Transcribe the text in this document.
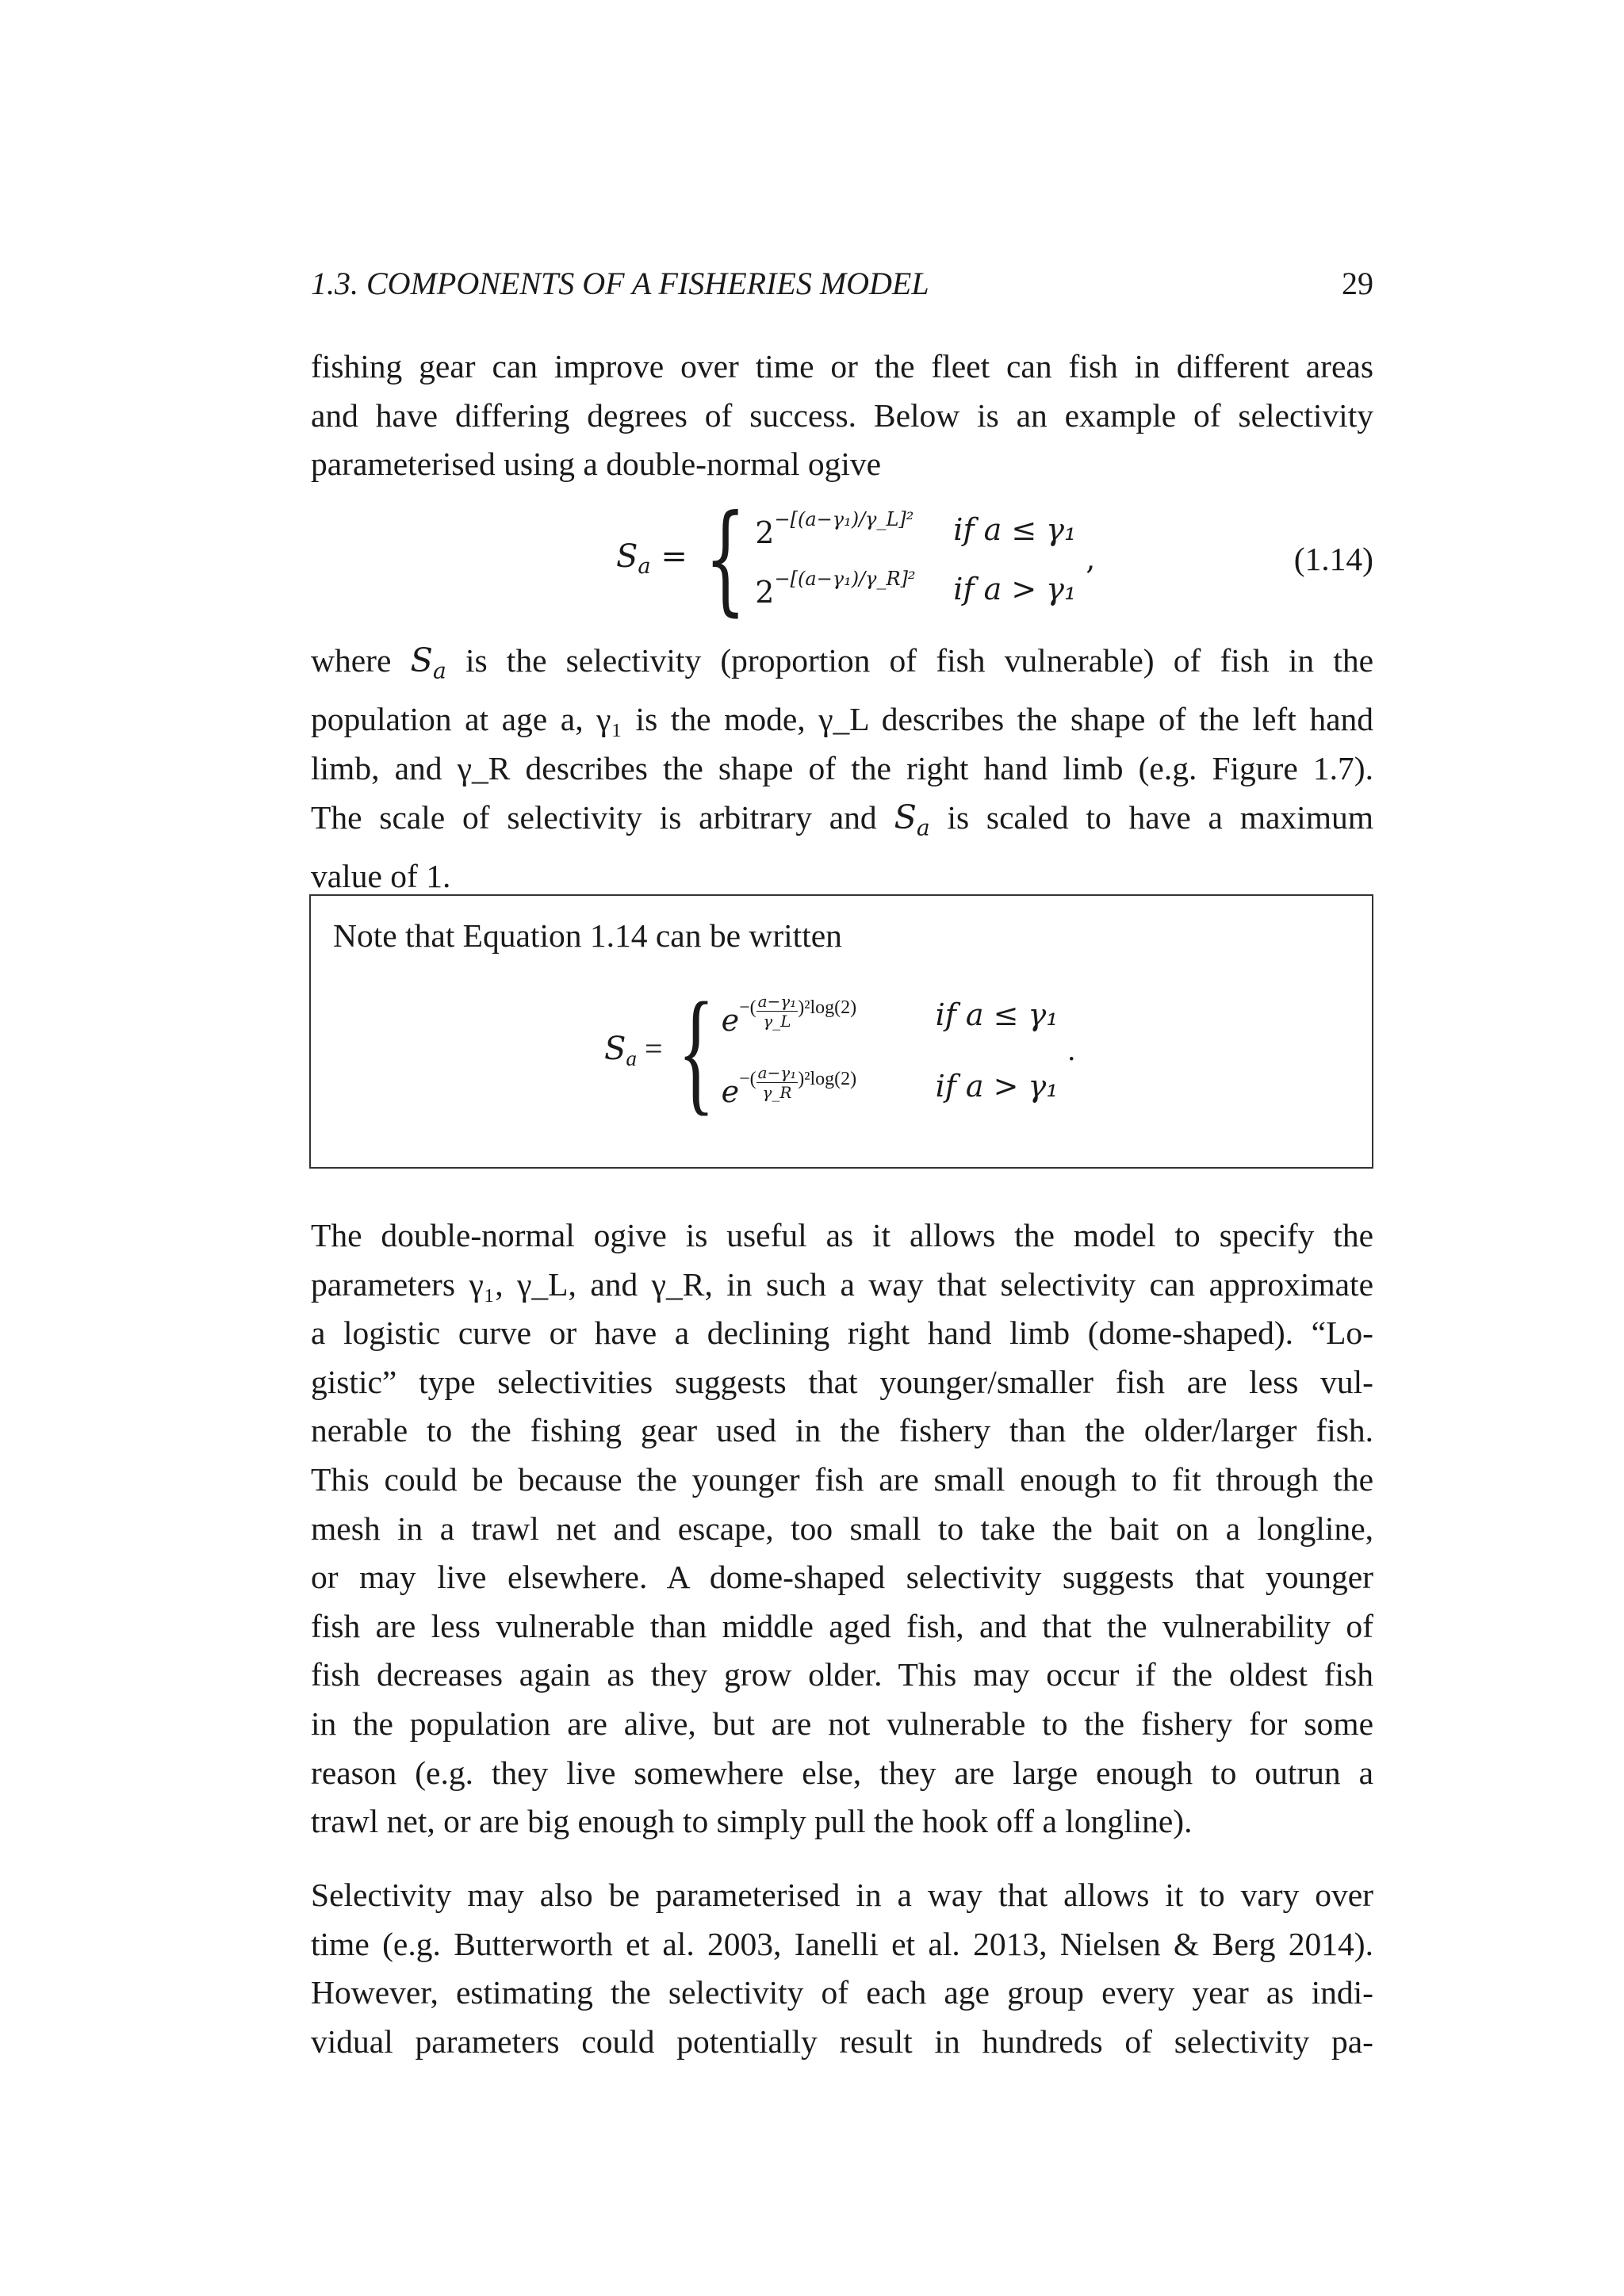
1.3. COMPONENTS OF A FISHERIES MODEL	29
fishing gear can improve over time or the fleet can fish in different areas
and have differing degrees of success. Below is an example of selectivity
parameterised using a double-normal ogive
$S_a$ = { $2^{-[(a-\gamma_1)/\gamma\_L]^2}$	if a ≤ γ₁
$2^{-[(a-\gamma_1)/\gamma\_R]^2}$	if a > γ₁
,	(1.14)
where $S_a$ is the selectivity (proportion of fish vulnerable) of fish in the
population at age a, γ₁ is the mode, γ_L describes the shape of the left hand
limb, and γ_R describes the shape of the right hand limb (e.g. Figure 1.7).
The scale of selectivity is arbitrary and $S_a$ is scaled to have a maximum
value of 1.
Note that Equation 1.14 can be written
$S_a$ = { $e^{-( \frac{\text{a−γ₁}}{\gamma\_L} )^2log(2)}$	if a ≤ γ₁
$e^{-( \frac{\text{a−γ₁}}{\gamma\_R} )^2log(2)}$	if a > γ₁
.
The double-normal ogive is useful as it allows the model to specify the
parameters γ₁, γ_L, and γ_R, in such a way that selectivity can approximate
a logistic curve or have a declining right hand limb (dome-shaped). “Lo-
gistic” type selectivities suggests that younger/smaller fish are less vul-
nerable to the fishing gear used in the fishery than the older/larger fish.
This could be because the younger fish are small enough to fit through the
mesh in a trawl net and escape, too small to take the bait on a longline,
or may live elsewhere. A dome-shaped selectivity suggests that younger
fish are less vulnerable than middle aged fish, and that the vulnerability of
fish decreases again as they grow older. This may occur if the oldest fish
in the population are alive, but are not vulnerable to the fishery for some
reason (e.g. they live somewhere else, they are large enough to outrun a
trawl net, or are big enough to simply pull the hook off a longline).
Selectivity may also be parameterised in a way that allows it to vary over
time (e.g. Butterworth et al. 2003, Ianelli et al. 2013, Nielsen & Berg 2014).
However, estimating the selectivity of each age group every year as indi-
vidual parameters could potentially result in hundreds of selectivity pa-
